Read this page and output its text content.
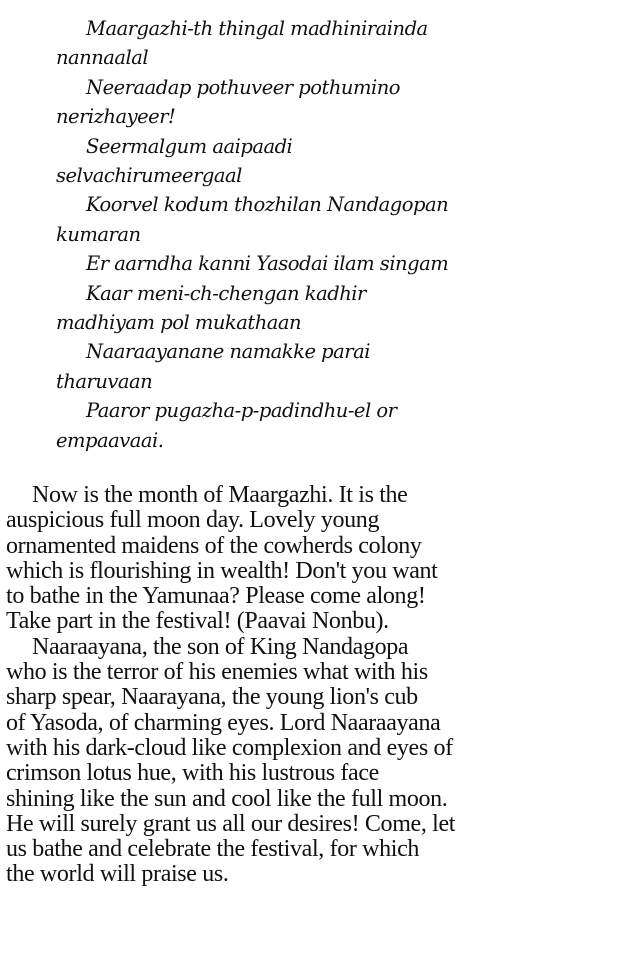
Maargazhi-th thingal madhinirainda
nannaalal
Neeraadap pothuveer pothumino
nerizhayeer!
Seermalgum aaipaadi
selvachirumeergaal
Koorvel kodum thozhilan Nandagopan
kumaran
Er aarndha kanni Yasodai ilam singam
Kaar meni-ch-chengan kadhir
madhiyam pol mukathaan
Naaraayanane namakke parai
tharuvaan
Paaror pugazha-p-padindhu-el or
empaavaai.
Now is the month of Maargazhi. It is the
auspicious full moon day. Lovely young
ornamented maidens of the cowherds colony
which is flourishing in wealth! Don't you want
to bathe in the Yamunaa? Please come along!
Take part in the festival! (Paavai Nonbu).
Naaraayana, the son of King Nandagopa
who is the terror of his enemies what with his
sharp spear, Naarayana, the young lion's cub
of Yasoda, of charming eyes. Lord Naaraayana
with his dark-cloud like complexion and eyes of
crimson lotus hue, with his lustrous face
shining like the sun and cool like the full moon.
He will surely grant us all our desires! Come, let
us bathe and celebrate the festival, for which
the world will praise us.
